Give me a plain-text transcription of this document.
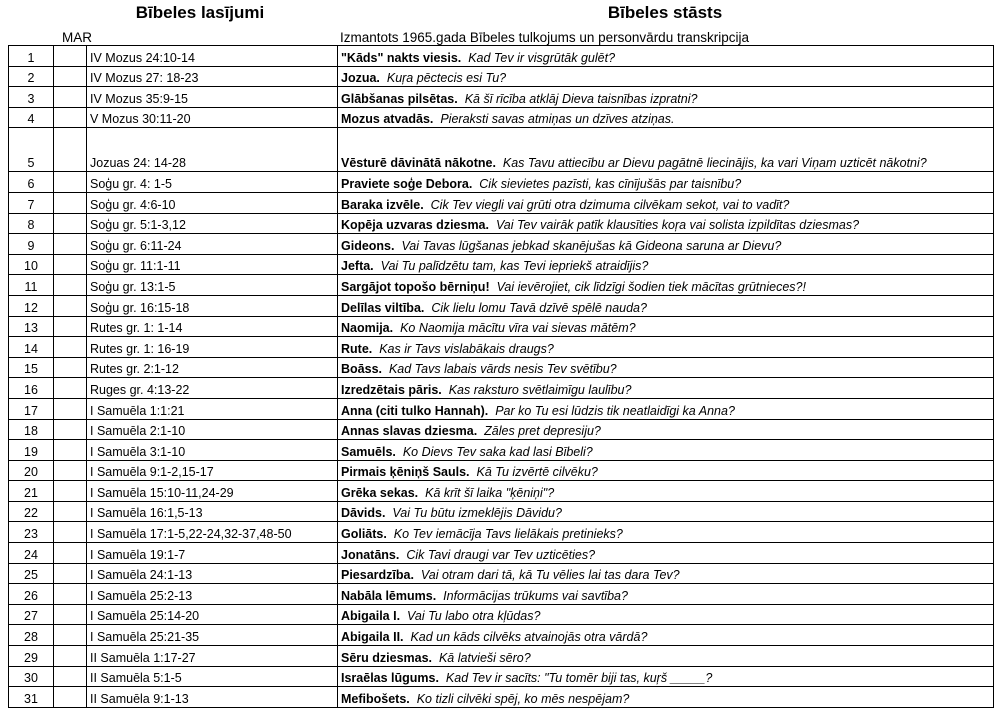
Bībeles lasījumi	Bībeles stāsts
MAR	Izmantots 1965.gada Bībeles tulkojums un personvārdu transkripcija
1		IV Mozus 24:10-14	"Kāds" nakts viesis. Kad Tev ir visgrūtāk gulēt?
2		IV Mozus 27: 18-23	Jozua. Kuŗa pēctecis esi Tu?
3		IV Mozus 35:9-15	Glābšanas pilsētas. Kā šī rīcība atklāj Dieva taisnības izpratni?
4		V Mozus 30:11-20	Mozus atvadās. Pieraksti savas atmiņas un dzīves atziņas.
5		Jozuas 24: 14-28	Vēsturē dāvinātā nākotne. Kas Tavu attiecību ar Dievu pagātnē liecinājis, ka vari Viņam uzticēt nākotni?
6		Soģu gr. 4: 1-5	Praviete soģe Debora. Cik sievietes pazīsti, kas cīnījušās par taisnību?
7		Soģu gr. 4:6-10	Baraka izvēle. Cik Tev viegli vai grūti otra dzimuma cilvēkam sekot, vai to vadīt?
8		Soģu gr. 5:1-3,12	Kopēja uzvaras dziesma. Vai Tev vairāk patīk klausīties koŗa vai solista izpildītas dziesmas?
9		Soģu gr. 6:11-24	Gideons. Vai Tavas lūgšanas jebkad skanējušas kā Gideona saruna ar Dievu?
10		Soģu gr. 11:1-11	Jefta. Vai Tu palīdzētu tam, kas Tevi iepriekš atraidījis?
11		Soģu gr. 13:1-5	Sargājot topošo bērniņu! Vai ievērojiet, cik līdzīgi šodien tiek mācītas grūtnieces?!
12		Soģu gr. 16:15-18	Delīlas viltība. Cik lielu lomu Tavā dzīvē spēlē nauda?
13		Rutes gr. 1: 1-14	Naomija. Ko Naomija mācītu vīra vai sievas mātēm?
14		Rutes gr. 1: 16-19	Rute. Kas ir Tavs vislabākais draugs?
15		Rutes gr. 2:1-12	Boāss. Kad Tavs labais vārds nesis Tev svētību?
16		Ruges gr. 4:13-22	Izredzētais pāris. Kas raksturo svētlaimīgu laulību?
17		I Samuēla 1:1:21	Anna (citi tulko Hannah). Par ko Tu esi lūdzis tik neatlaidīgi ka Anna?
18		I Samuēla 2:1-10	Annas slavas dziesma. Zāles pret depresiju?
19		I Samuēla 3:1-10	Samuēls. Ko Dievs Tev saka kad lasi Bībeli?
20		I Samuēla 9:1-2,15-17	Pirmais ķēniņš Sauls. Kā Tu izvērtē cilvēku?
21		I Samuēla 15:10-11,24-29	Grēka sekas. Kā krīt šī laika "ķēniņi"?
22		I Samuēla 16:1,5-13	Dāvids. Vai Tu būtu izmeklējis Dāvidu?
23		I Samuēla 17:1-5,22-24,32-37,48-50	Goliāts. Ko Tev iemācīja Tavs lielākais pretinieks?
24		I Samuēla 19:1-7	Jonatāns. Cik Tavi draugi var Tev uzticēties?
25		I Samuēla 24:1-13	Piesardzība. Vai otram dari tā, kā Tu vēlies lai tas dara Tev?
26		I Samuēla 25:2-13	Nabāla lēmums. Informācijas trūkums vai savtība?
27		I Samuēla 25:14-20	Abigaila I. Vai Tu labo otra kļūdas?
28		I Samuēla 25:21-35	Abigaila II. Kad un kāds cilvēks atvainojās otra vārdā?
29		II Samuēla 1:17-27	Sēru dziesmas. Kā latvieši sēro?
30		II Samuēla 5:1-5	Israēlas lūgums. Kad Tev ir sacīts: "Tu tomēr biji tas, kuŗš _____?
31		II Samuēla 9:1-13	Mefibošets. Ko tizli cilvēki spēj, ko mēs nespējam?
